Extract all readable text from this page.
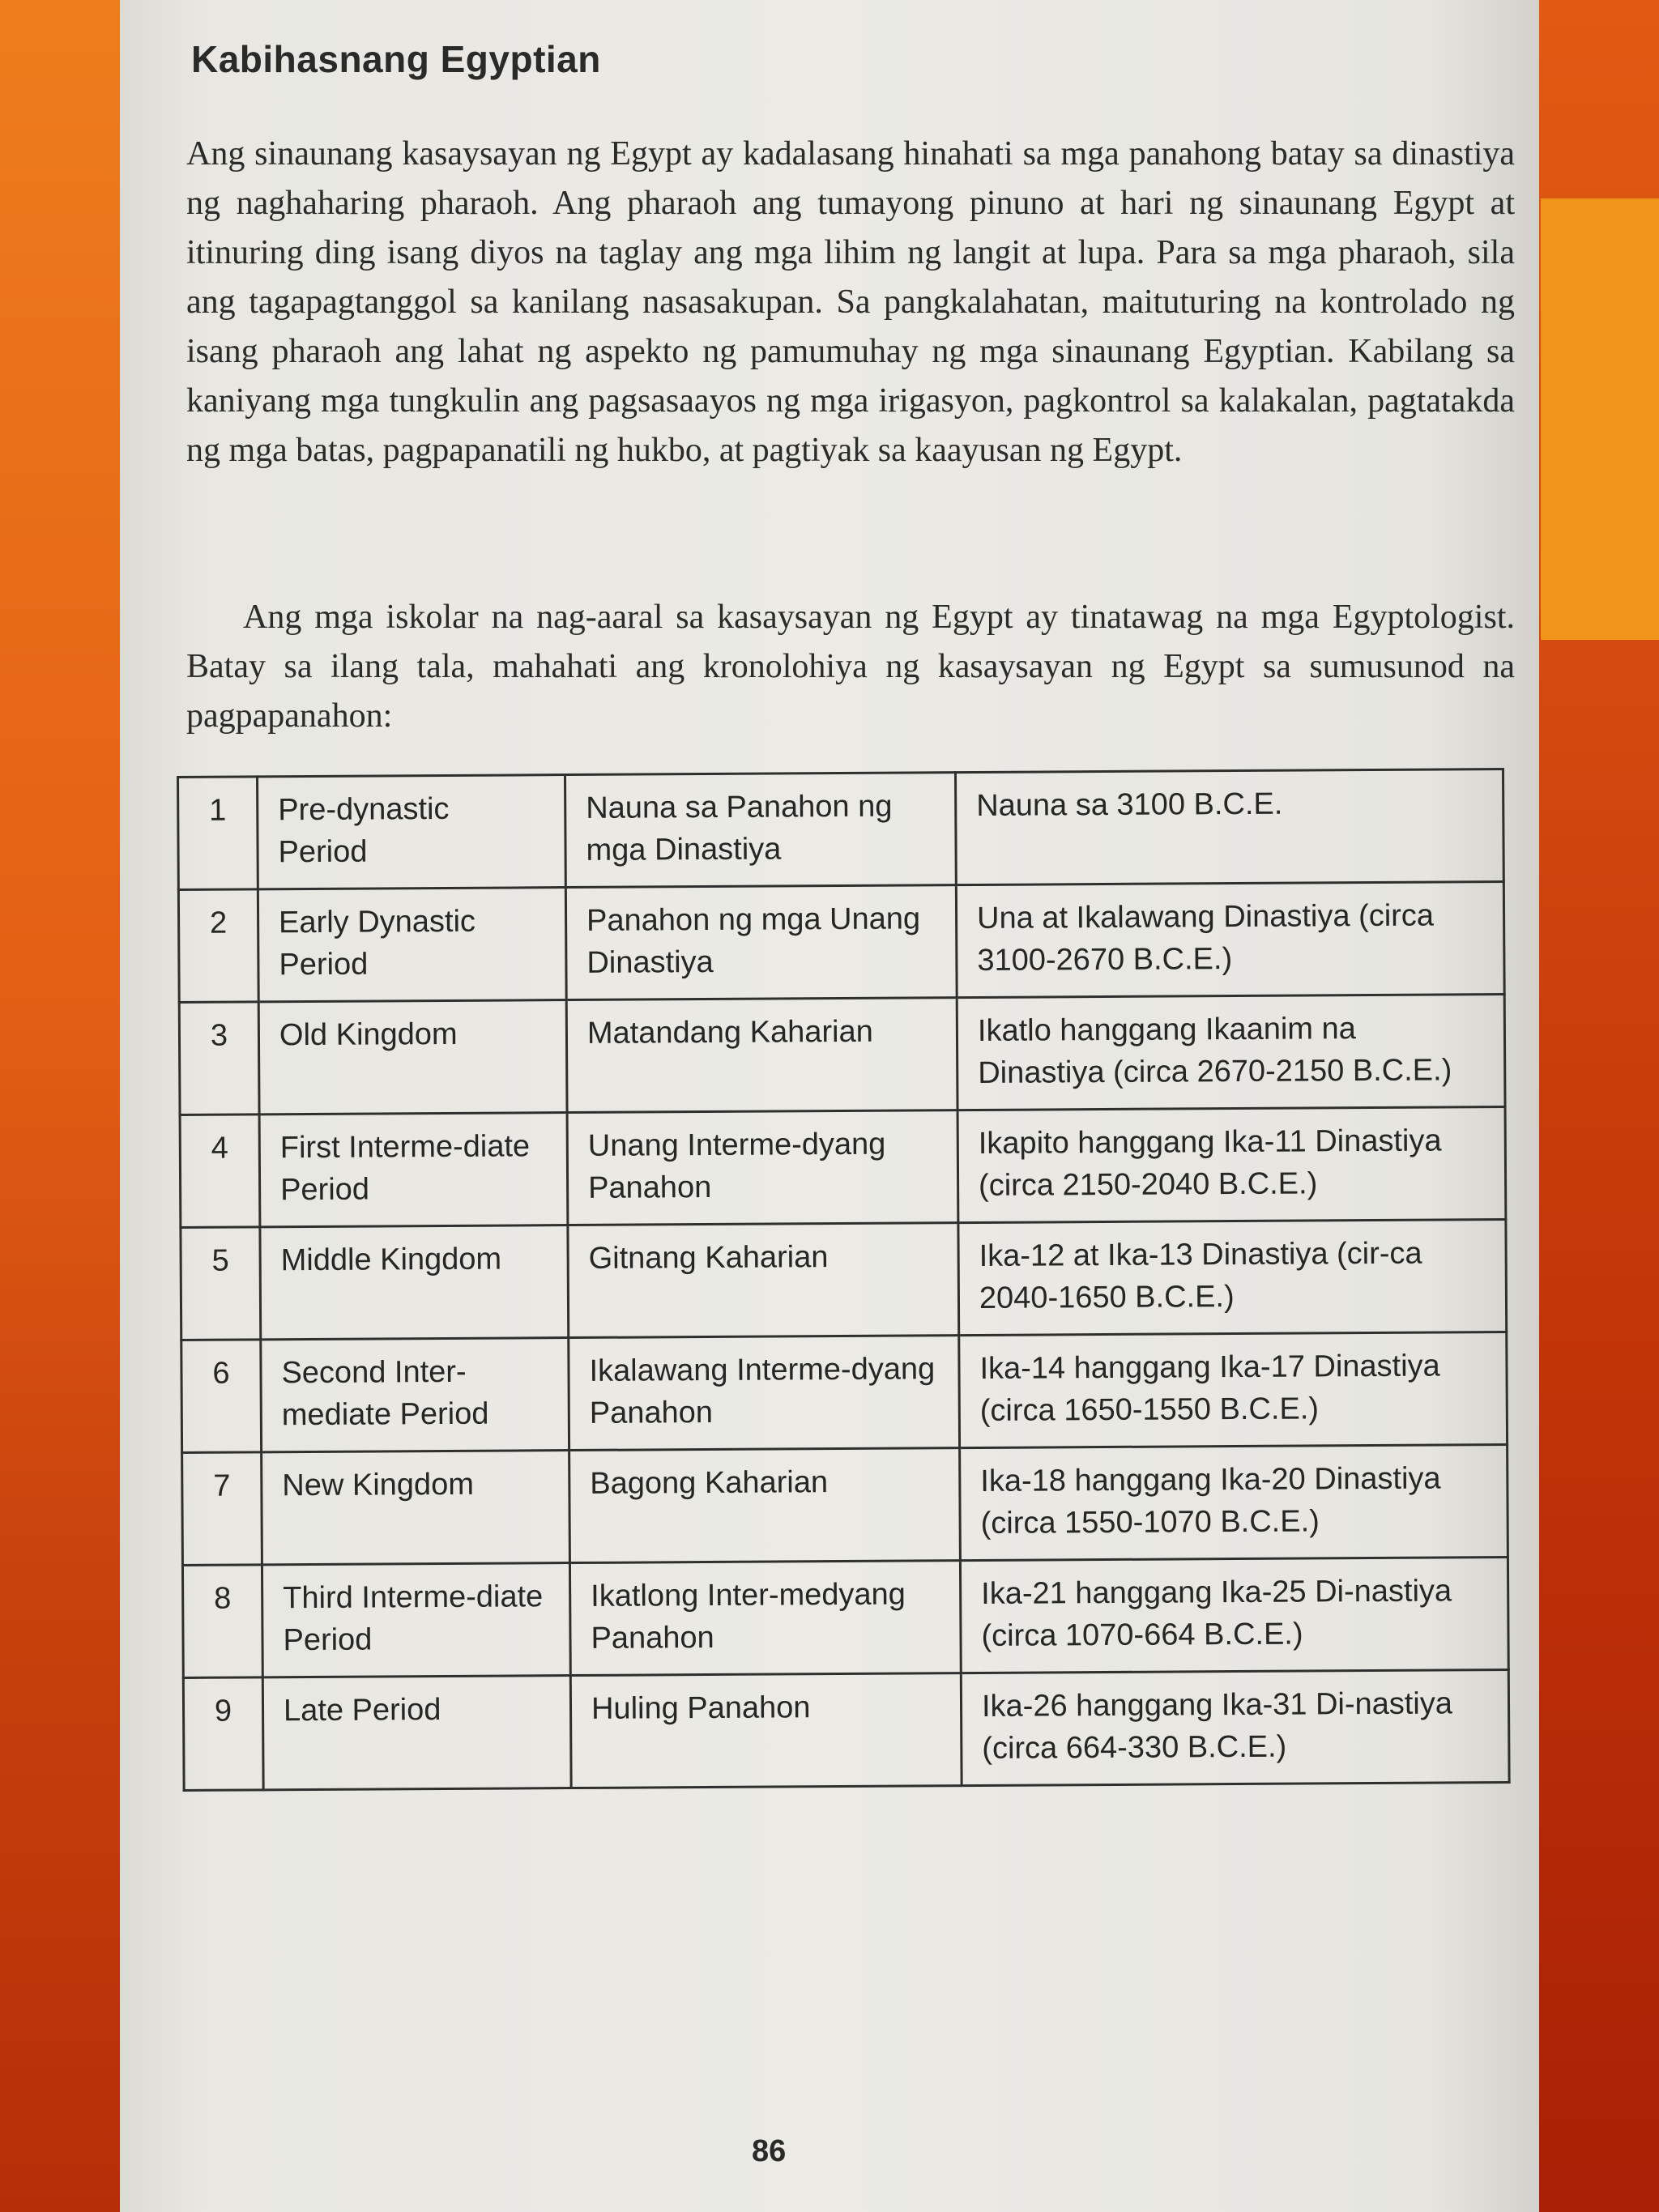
Kabihasnang Egyptian

Ang sinaunang kasaysayan ng Egypt ay kadalasang hinahati sa mga panahong batay sa dinastiya ng naghaharing pharaoh. Ang pharaoh ang tumayong pinuno at hari ng sinaunang Egypt at itinuring ding isang diyos na taglay ang mga lihim ng langit at lupa. Para sa mga pharaoh, sila ang tagapagtanggol sa kanilang nasasakupan. Sa pangkalahatan, maituturing na kontrolado ng isang pharaoh ang lahat ng aspekto ng pamumuhay ng mga sinaunang Egyptian. Kabilang sa kaniyang mga tungkulin ang pagsasaayos ng mga irigasyon, pagkontrol sa kalakalan, pagtatakda ng mga batas, pagpapanatili ng hukbo, at pagtiyak sa kaayusan ng Egypt.

Ang mga iskolar na nag-aaral sa kasaysayan ng Egypt ay tinatawag na mga Egyptologist. Batay sa ilang tala, mahahati ang kronolohiya ng kasaysayan ng Egypt sa sumusunod na pagpapanahon:

1	Pre-dynastic Period	Nauna sa Panahon ng mga Dinastiya	Nauna sa 3100 B.C.E.
2	Early Dynastic Period	Panahon ng mga Unang Dinastiya	Una at Ikalawang Dinastiya (circa 3100-2670 B.C.E.)
3	Old Kingdom	Matandang Kaharian	Ikatlo hanggang Ikaanim na Dinastiya (circa 2670-2150 B.C.E.)
4	First Interme-diate Period	Unang Interme-dyang Panahon	Ikapito hanggang Ika-11 Dinastiya (circa 2150-2040 B.C.E.)
5	Middle Kingdom	Gitnang Kaharian	Ika-12 at Ika-13 Dinastiya (cir-ca 2040-1650 B.C.E.)
6	Second Inter-mediate Period	Ikalawang Interme-dyang Panahon	Ika-14 hanggang Ika-17 Dinastiya (circa 1650-1550 B.C.E.)
7	New Kingdom	Bagong Kaharian	Ika-18 hanggang Ika-20 Dinastiya (circa 1550-1070 B.C.E.)
8	Third Interme-diate Period	Ikatlong Inter-medyang Panahon	Ika-21 hanggang Ika-25 Di-nastiya (circa 1070-664 B.C.E.)
9	Late Period	Huling Panahon	Ika-26 hanggang Ika-31 Di-nastiya (circa 664-330 B.C.E.)
86
